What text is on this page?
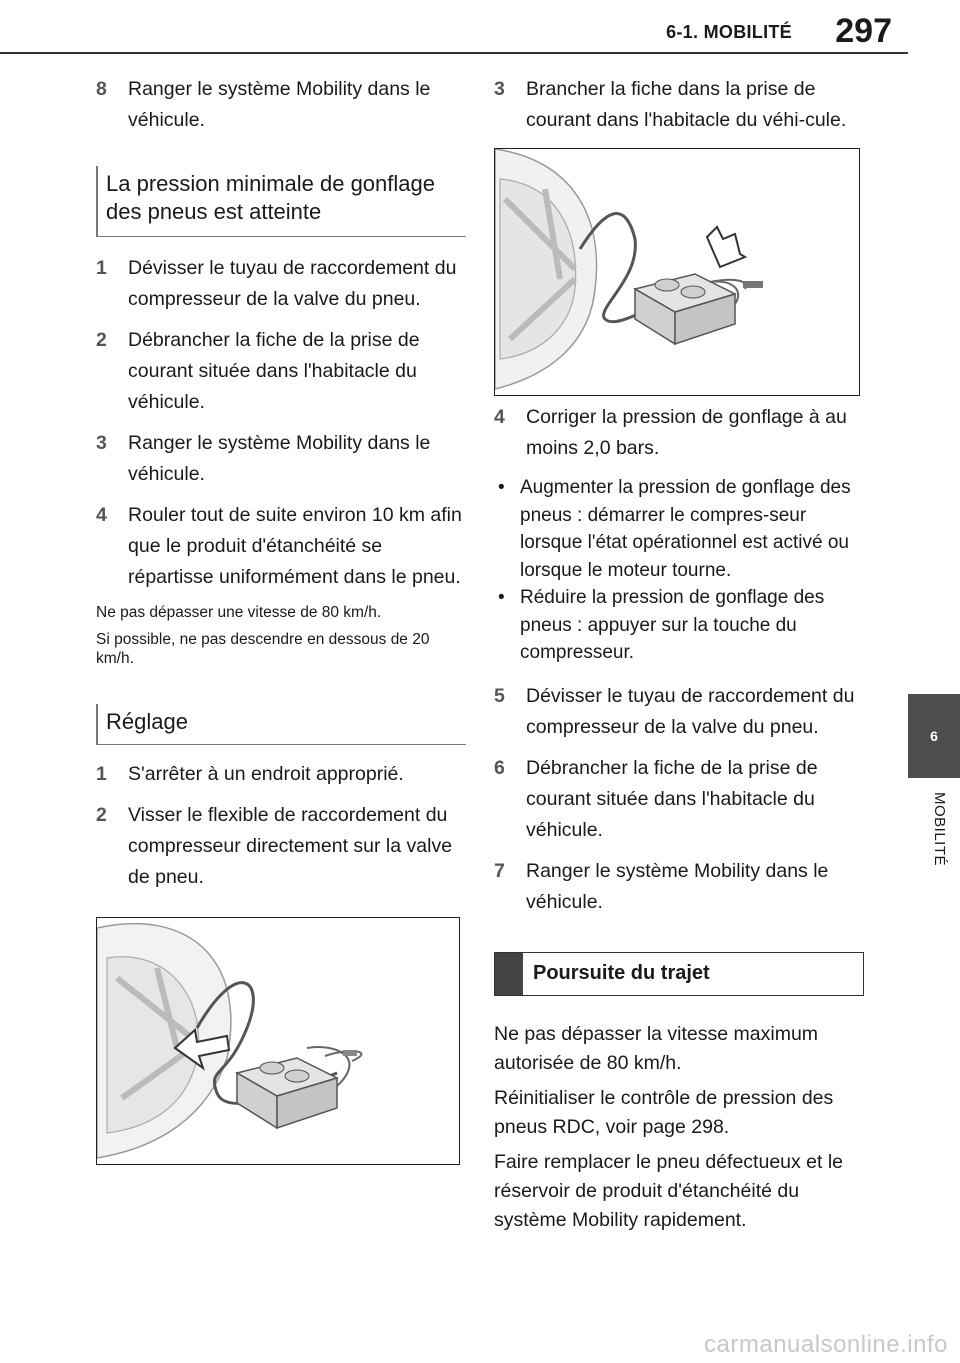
6-1. MOBILITÉ 297
6
MOBILITÉ
8	Ranger le système Mobility dans le véhicule.
La pression minimale de gonflage des pneus est atteinte
1	Dévisser le tuyau de raccordement du compresseur de la valve du pneu.
2	Débrancher la fiche de la prise de courant située dans l'habitacle du véhicule.
3	Ranger le système Mobility dans le véhicule.
4	Rouler tout de suite environ 10 km afin que le produit d'étanchéité se répartisse uniformément dans le pneu.

Ne pas dépasser une vitesse de 80 km/h.

Si possible, ne pas descendre en dessous de 20 km/h.

Réglage
1	S'arrêter à un endroit approprié.
2	Visser le flexible de raccordement du compresseur directement sur la valve de pneu.
3	Brancher la fiche dans la prise de courant dans l'habitacle du véhi-cule.
4	Corriger la pression de gonflage à au moins 2,0 bars.
• Augmenter la pression de gonflage des pneus : démarrer le compres-seur lorsque l'état opérationnel est activé ou lorsque le moteur tourne.
• Réduire la pression de gonflage des pneus : appuyer sur la touche du compresseur.
5	Dévisser le tuyau de raccordement du compresseur de la valve du pneu.
6	Débrancher la fiche de la prise de courant située dans l'habitacle du véhicule.
7	Ranger le système Mobility dans le véhicule.
Poursuite du trajet

Ne pas dépasser la vitesse maximum autorisée de 80 km/h.

Réinitialiser le contrôle de pression des pneus RDC, voir page 298.

Faire remplacer le pneu défectueux et le réservoir de produit d'étanchéité du système Mobility rapidement.

carmanualsonline.info
